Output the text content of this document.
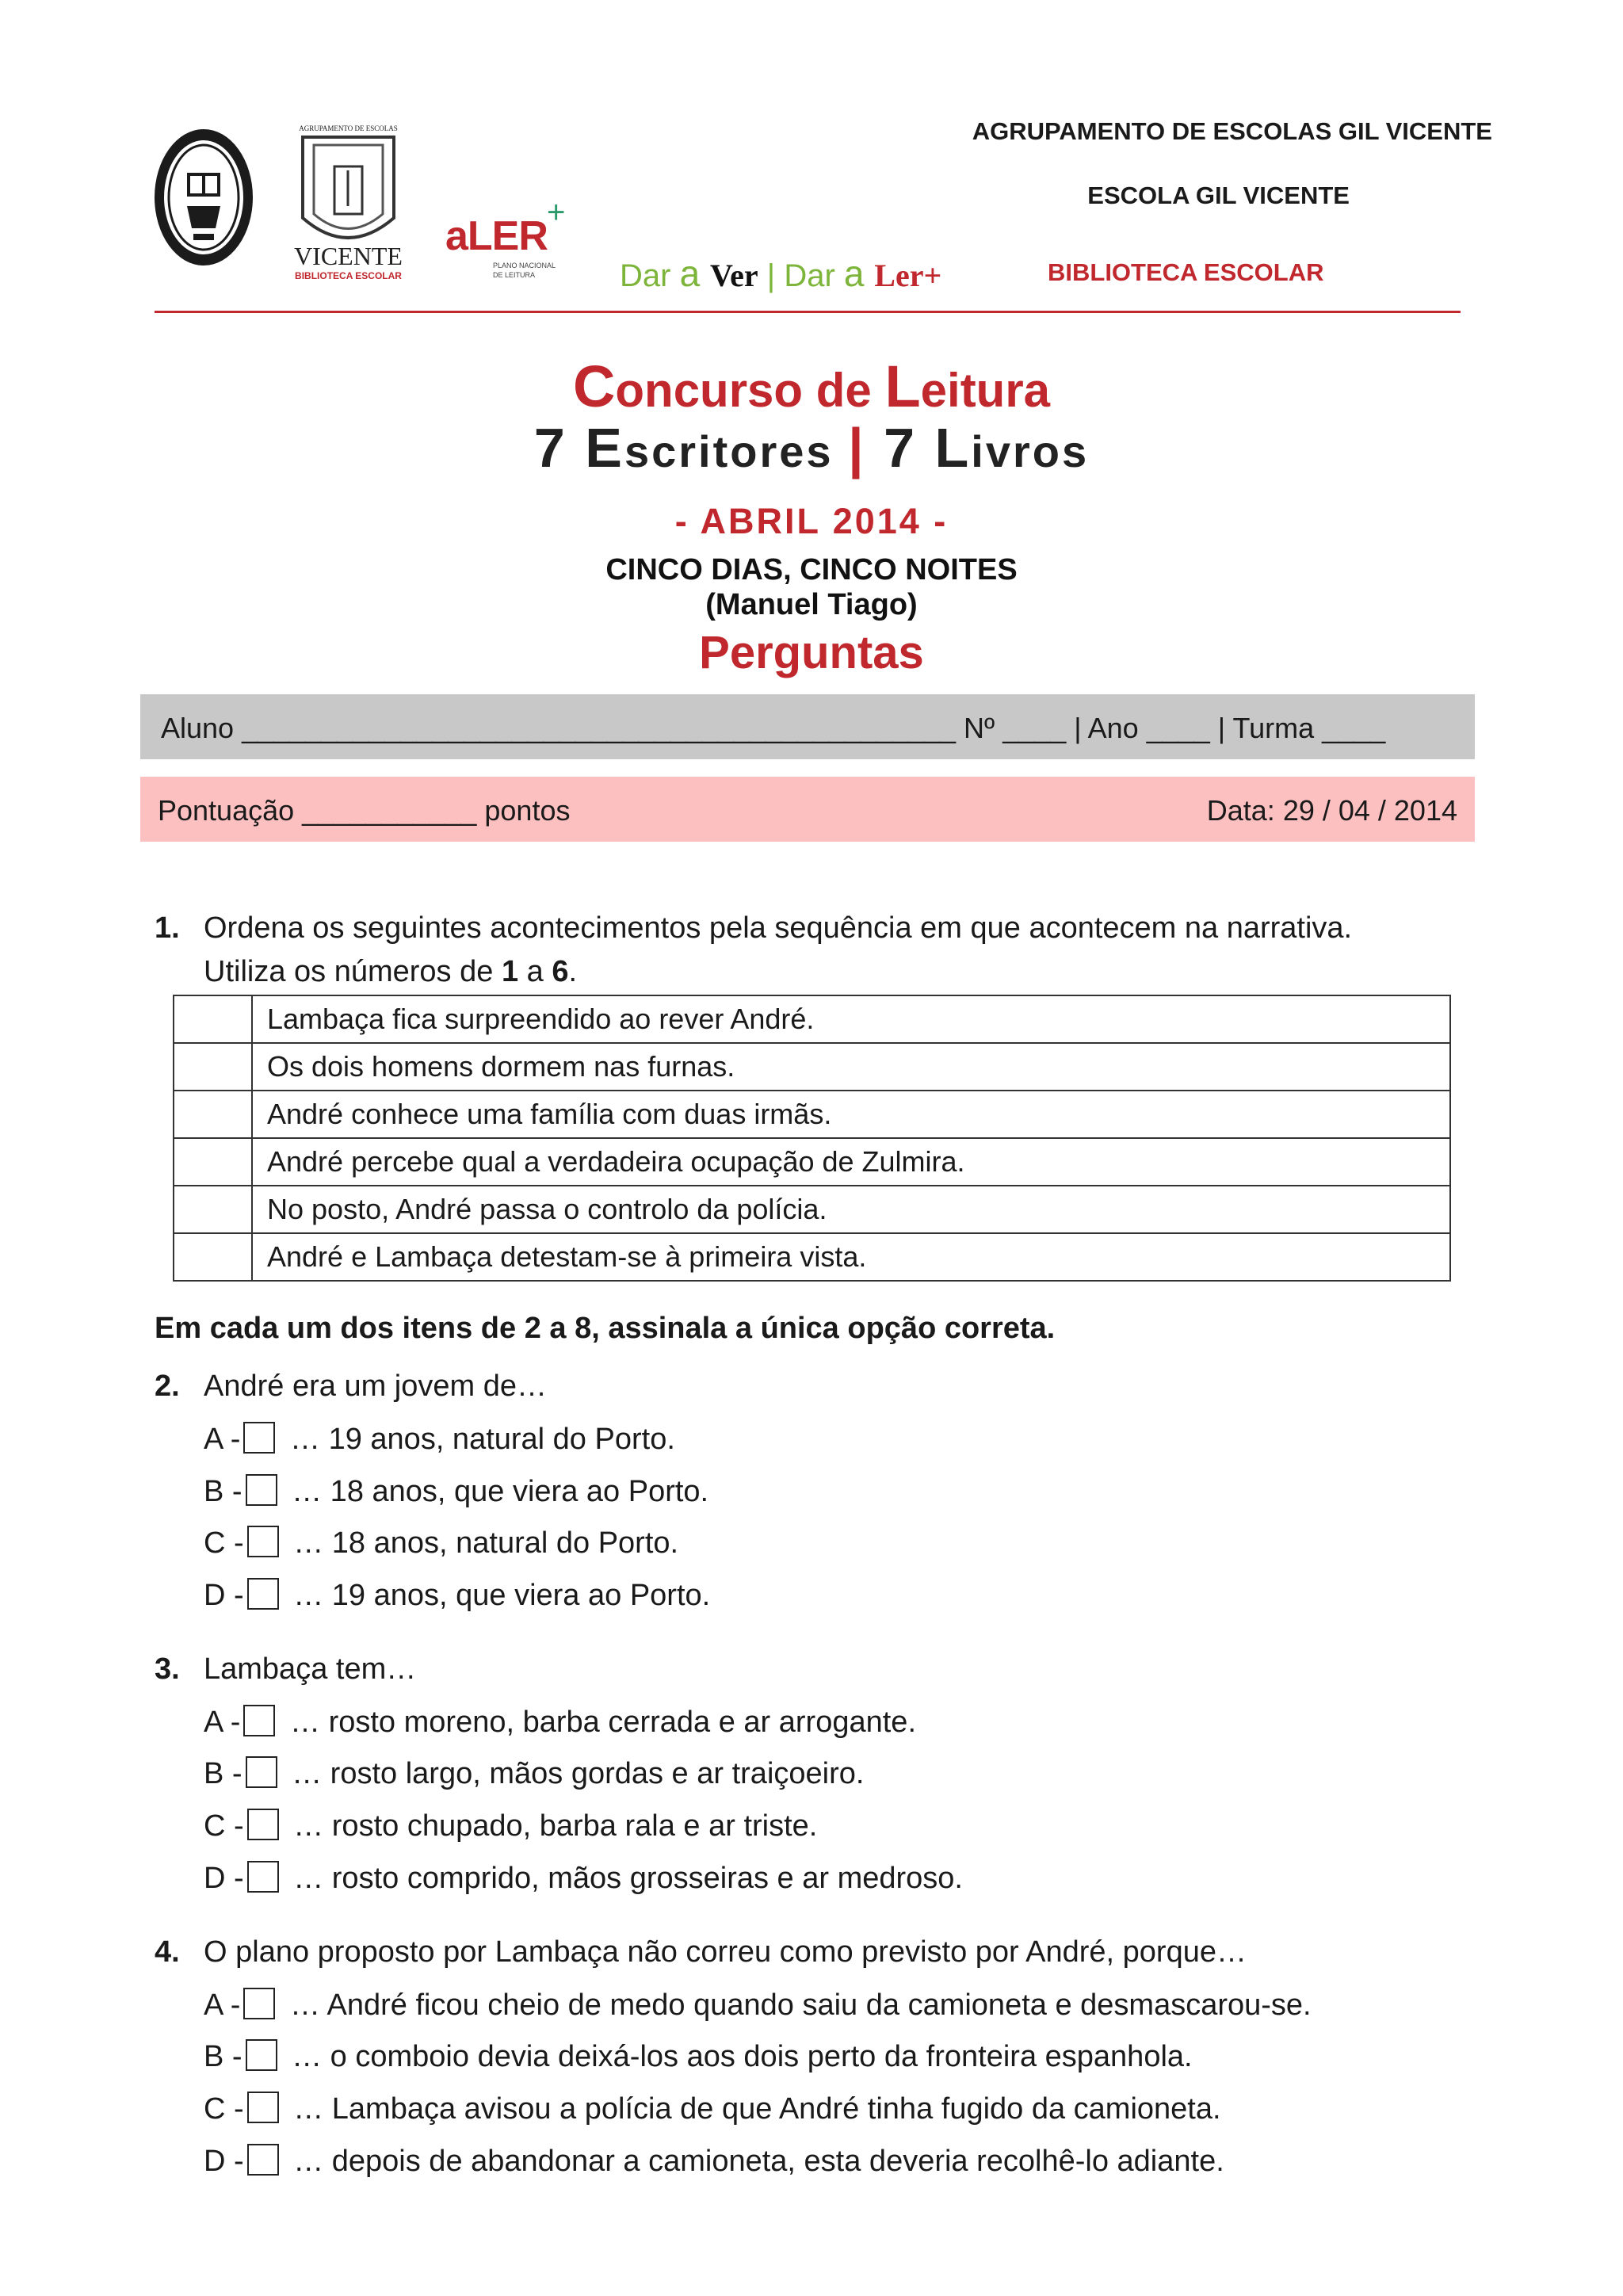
AGRUPAMENTO DE ESCOLAS GIL VICENTE
ESCOLA GIL VICENTE
AGRUPAMENTO DE ESCOLAS
VICENTE
BIBLIOTECA ESCOLAR
aLER
+
PLANO NACIONAL
DE LEITURA	Dar a Ver | Dar a Ler+	BIBLIOTECA ESCOLAR
Concurso de Leitura
7 Escritores | 7 Livros
- ABRIL 2014 -
CINCO DIAS, CINCO NOITES
(Manuel Tiago)
Perguntas
Aluno _____________________________________________ Nº ____ | Ano ____ | Turma ____
Pontuação ___________ pontos	Data: 29 / 04 / 2014
1. Ordena os seguintes acontecimentos pela sequência em que acontecem na narrativa.
Utiliza os números de 1 a 6.
	Lambaça fica surpreendido ao rever André.
	Os dois homens dormem nas furnas.
	André conhece uma família com duas irmãs.
	André percebe qual a verdadeira ocupação de Zulmira.
	No posto, André passa o controlo da polícia.
	André e Lambaça detestam-se à primeira vista.
Em cada um dos itens de 2 a 8, assinala a única opção correta.
2. André era um jovem de…
A - … 19 anos, natural do Porto.
B - … 18 anos, que viera ao Porto.
C - … 18 anos, natural do Porto.
D - … 19 anos, que viera ao Porto.
3. Lambaça tem…
A - … rosto moreno, barba cerrada e ar arrogante.
B - … rosto largo, mãos gordas e ar traiçoeiro.
C - … rosto chupado, barba rala e ar triste.
D - … rosto comprido, mãos grosseiras e ar medroso.
4. O plano proposto por Lambaça não correu como previsto por André, porque…
A - … André ficou cheio de medo quando saiu da camioneta e desmascarou-se.
B - … o comboio devia deixá-los aos dois perto da fronteira espanhola.
C - … Lambaça avisou a polícia de que André tinha fugido da camioneta.
D - … depois de abandonar a camioneta, esta deveria recolhê-lo adiante.
